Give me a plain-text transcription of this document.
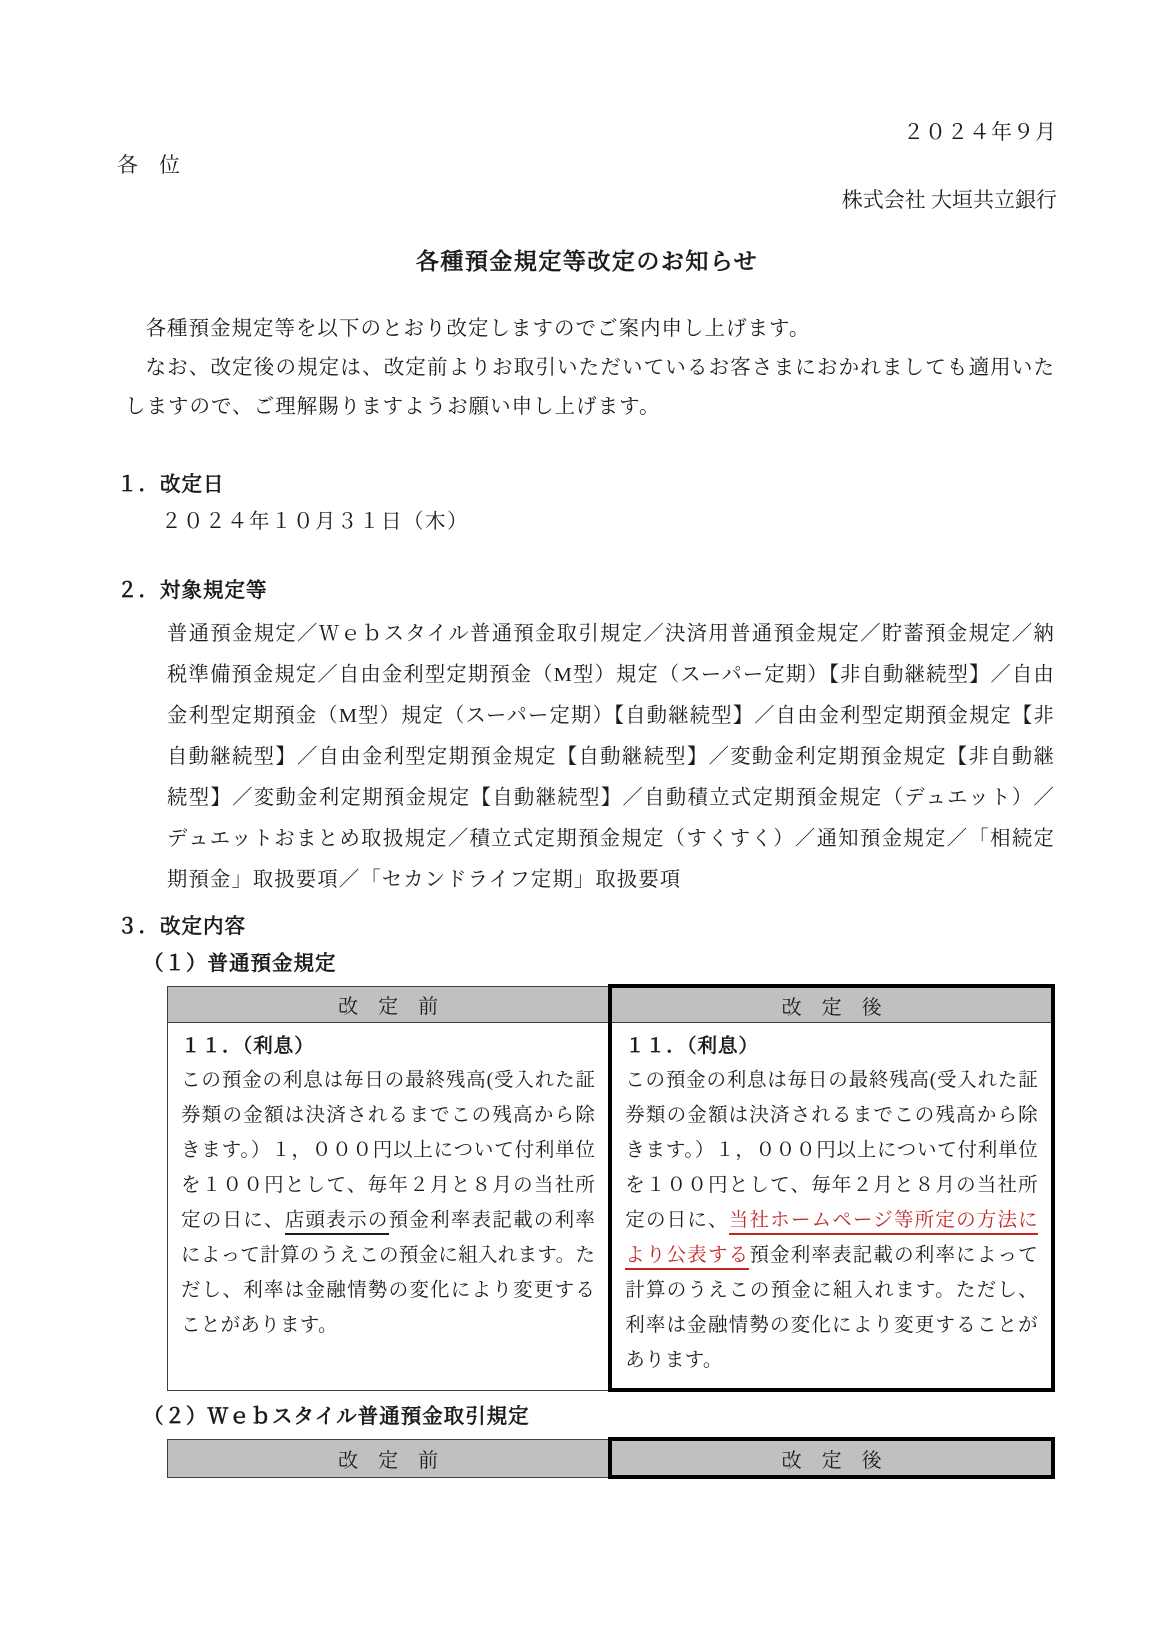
２０２４年９月
各　位
株式会社 大垣共立銀行
各種預金規定等改定のお知らせ

各種預金規定等を以下のとおり改定しますのでご案内申し上げます。

なお、改定後の規定は、改定前よりお取引いただいているお客さまにおかれましても適用いたしますので、ご理解賜りますようお願い申し上げます。

１．改定日
２０２４年１０月３１日（木）
２．対象規定等
普通預金規定／Ｗｅｂスタイル普通預金取引規定／決済用普通預金規定／貯蓄預金規定／納税準備預金規定／自由金利型定期預金（M型）規定（スーパー定期）【非自動継続型】／自由金利型定期預金（M型）規定（スーパー定期）【自動継続型】／自由金利型定期預金規定【非自動継続型】／自由金利型定期預金規定【自動継続型】／変動金利定期預金規定【非自動継続型】／変動金利定期預金規定【自動継続型】／自動積立式定期預金規定（デュエット）／デュエットおまとめ取扱規定／積立式定期預金規定（すくすく）／通知預金規定／「相続定期預金」取扱要項／「セカンドライフ定期」取扱要項
３．改定内容
（１）普通預金規定
改　定　前	改　定　後

１１．（利息）
この預金の利息は毎日の最終残高(受入れた証券類の金額は決済されるまでこの残高から除きます。）１，０００円以上について付利単位を１００円として、毎年２月と８月の当社所定の日に、店頭表示の預金利率表記載の利率によって計算のうえこの預金に組入れます。ただし、利率は金融情勢の変化により変更することがあります。

１１．（利息）
この預金の利息は毎日の最終残高(受入れた証券類の金額は決済されるまでこの残高から除きます。）１，０００円以上について付利単位を１００円として、毎年２月と８月の当社所定の日に、当社ホームページ等所定の方法により公表する預金利率表記載の利率によって計算のうえこの預金に組入れます。ただし、利率は金融情勢の変化により変更することがあります。
（２）Ｗｅｂスタイル普通預金取引規定
改　定　前	改　定　後
